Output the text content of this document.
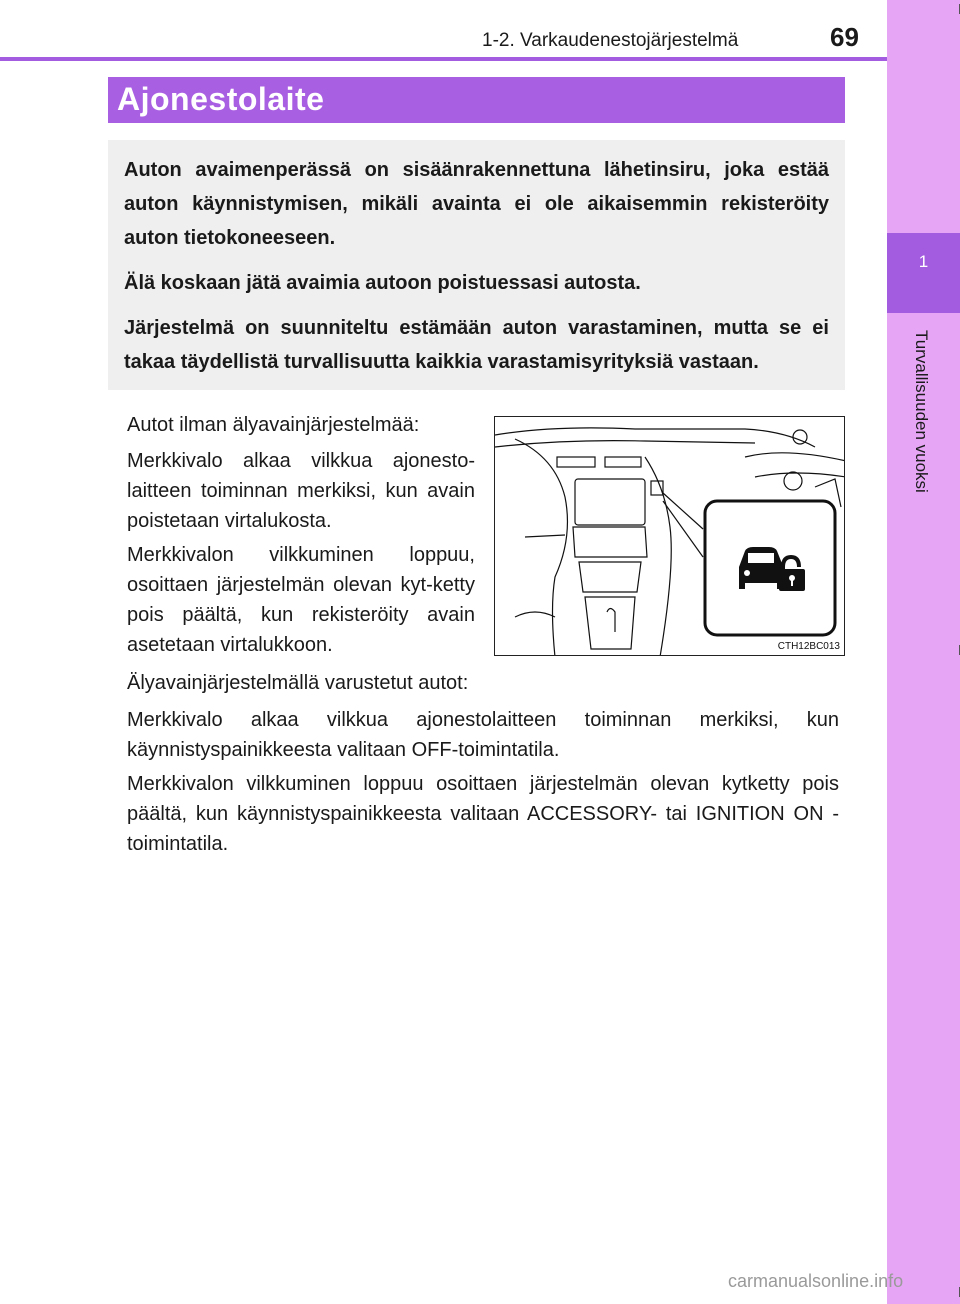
1
Turvallisuuden vuoksi
1-2. Varkaudenestojärjestelmä	69
Ajonestolaite

Auton avaimenperässä on sisäänrakennettuna lähetinsiru, joka estää auton käynnistymisen, mikäli avainta ei ole aikaisemmin rekisteröity auton tietokoneeseen.

Älä koskaan jätä avaimia autoon poistuessasi autosta.

Järjestelmä on suunniteltu estämään auton varastaminen, mutta se ei takaa täydellistä turvallisuutta kaikkia varastamisyrityksiä vastaan.

Autot ilman älyavainjärjestelmää:

Merkkivalo alkaa vilkkua ajonesto-laitteen toiminnan merkiksi, kun avain poistetaan virtalukosta.

Merkkivalon vilkkuminen loppuu, osoittaen järjestelmän olevan kyt-ketty pois päältä, kun rekisteröity avain asetetaan virtalukkoon.	CTH12BC013

Älyavainjärjestelmällä varustetut autot:

Merkkivalo alkaa vilkkua ajonestolaitteen toiminnan merkiksi, kun käynnistyspainikkeesta valitaan OFF-toimintatila.

Merkkivalon vilkkuminen loppuu osoittaen järjestelmän olevan kytketty pois päältä, kun käynnistyspainikkeesta valitaan ACCESSORY- tai IGNITION ON -toimintatila.

carmanualsonline.info
